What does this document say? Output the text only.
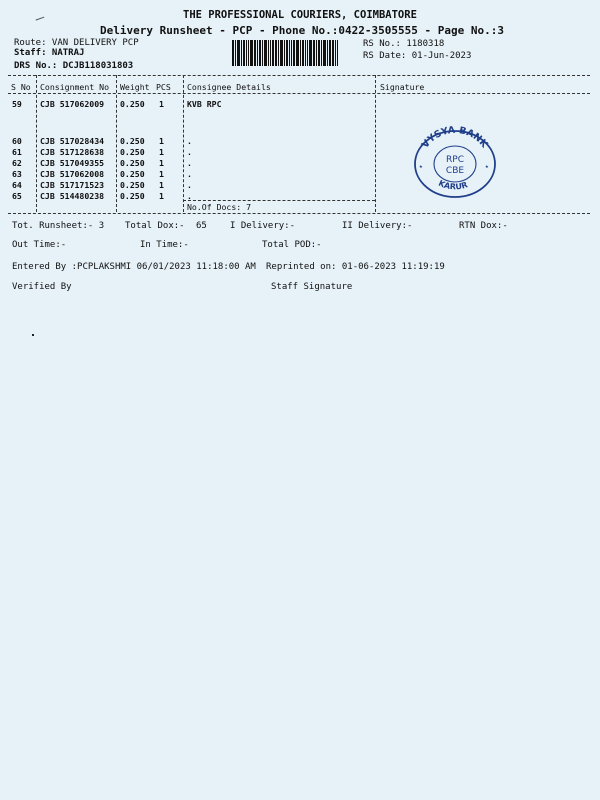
THE PROFESSIONAL COURIERS, COIMBATORE
Delivery Runsheet - PCP - Phone No.:0422-3505555 - Page No.:3
Route: VAN DELIVERY PCP
Staff: NATRAJ
DRS No.: DCJB118031803
RS No.: 1180318
RS Date: 01-Jun-2023
S No Consignment No Weight PCS Consignee Details	Signature
59 CJB 517062009 0.250 1	KVB RPC
60 CJB 517028434 0.250 1	.
61 CJB 517128638 0.250 1	.
62 CJB 517049355 0.250 1	.
63 CJB 517062008 0.250 1	.
64 CJB 517171523 0.250 1	.
65 CJB 514480238 0.250 1	.
No.Of Docs: 7
VYSYA BANK
KARUR
RPC
CBE
★	★
Tot. Runsheet:- 3 Total Dox:- 65	I Delivery:-	II Delivery:-	RTN Dox:-
Out Time:-	In Time:-	Total POD:-
Entered By :PCPLAKSHMI 06/01/2023 11:18:00 AM Reprinted on: 01-06-2023 11:19:19
Verified By	Staff Signature
